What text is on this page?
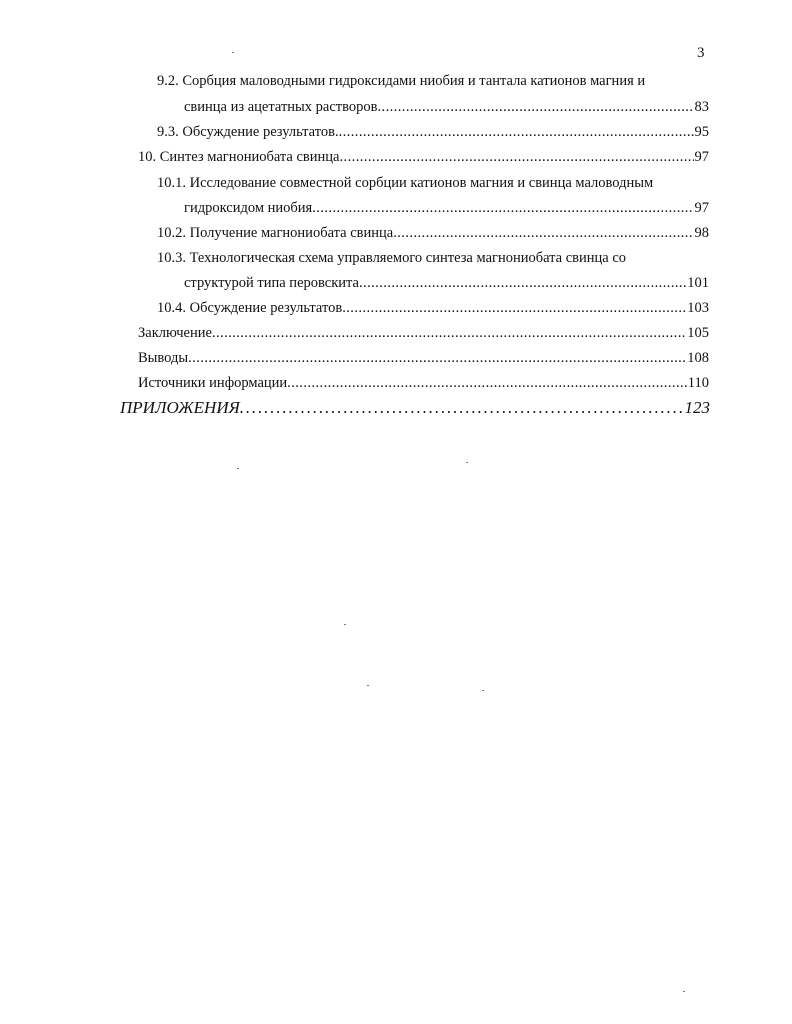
3
9.2. Сорбция маловодными гидроксидами ниобия и тантала катионов магния и
свинца из ацетатных растворов . . .	83
9.3. Обсуждение результатов. . . .	95
10. Синтез магнониобата свинца . . .	97
10.1. Исследование совместной сорбции катионов магния и свинца маловодным
гидроксидом ниобия . . .	97
10.2. Получение магнониобата свинца . . .	98
10.3. Технологическая схема управляемого синтеза магнониобата свинца со
структурой типа перовскита . . .	101
10.4. Обсуждение результатов . . .	103
Заключение . . .	105
Выводы . . .	108
Источники информации . . .	110
ПРИЛОЖЕНИЯ . . .	123
